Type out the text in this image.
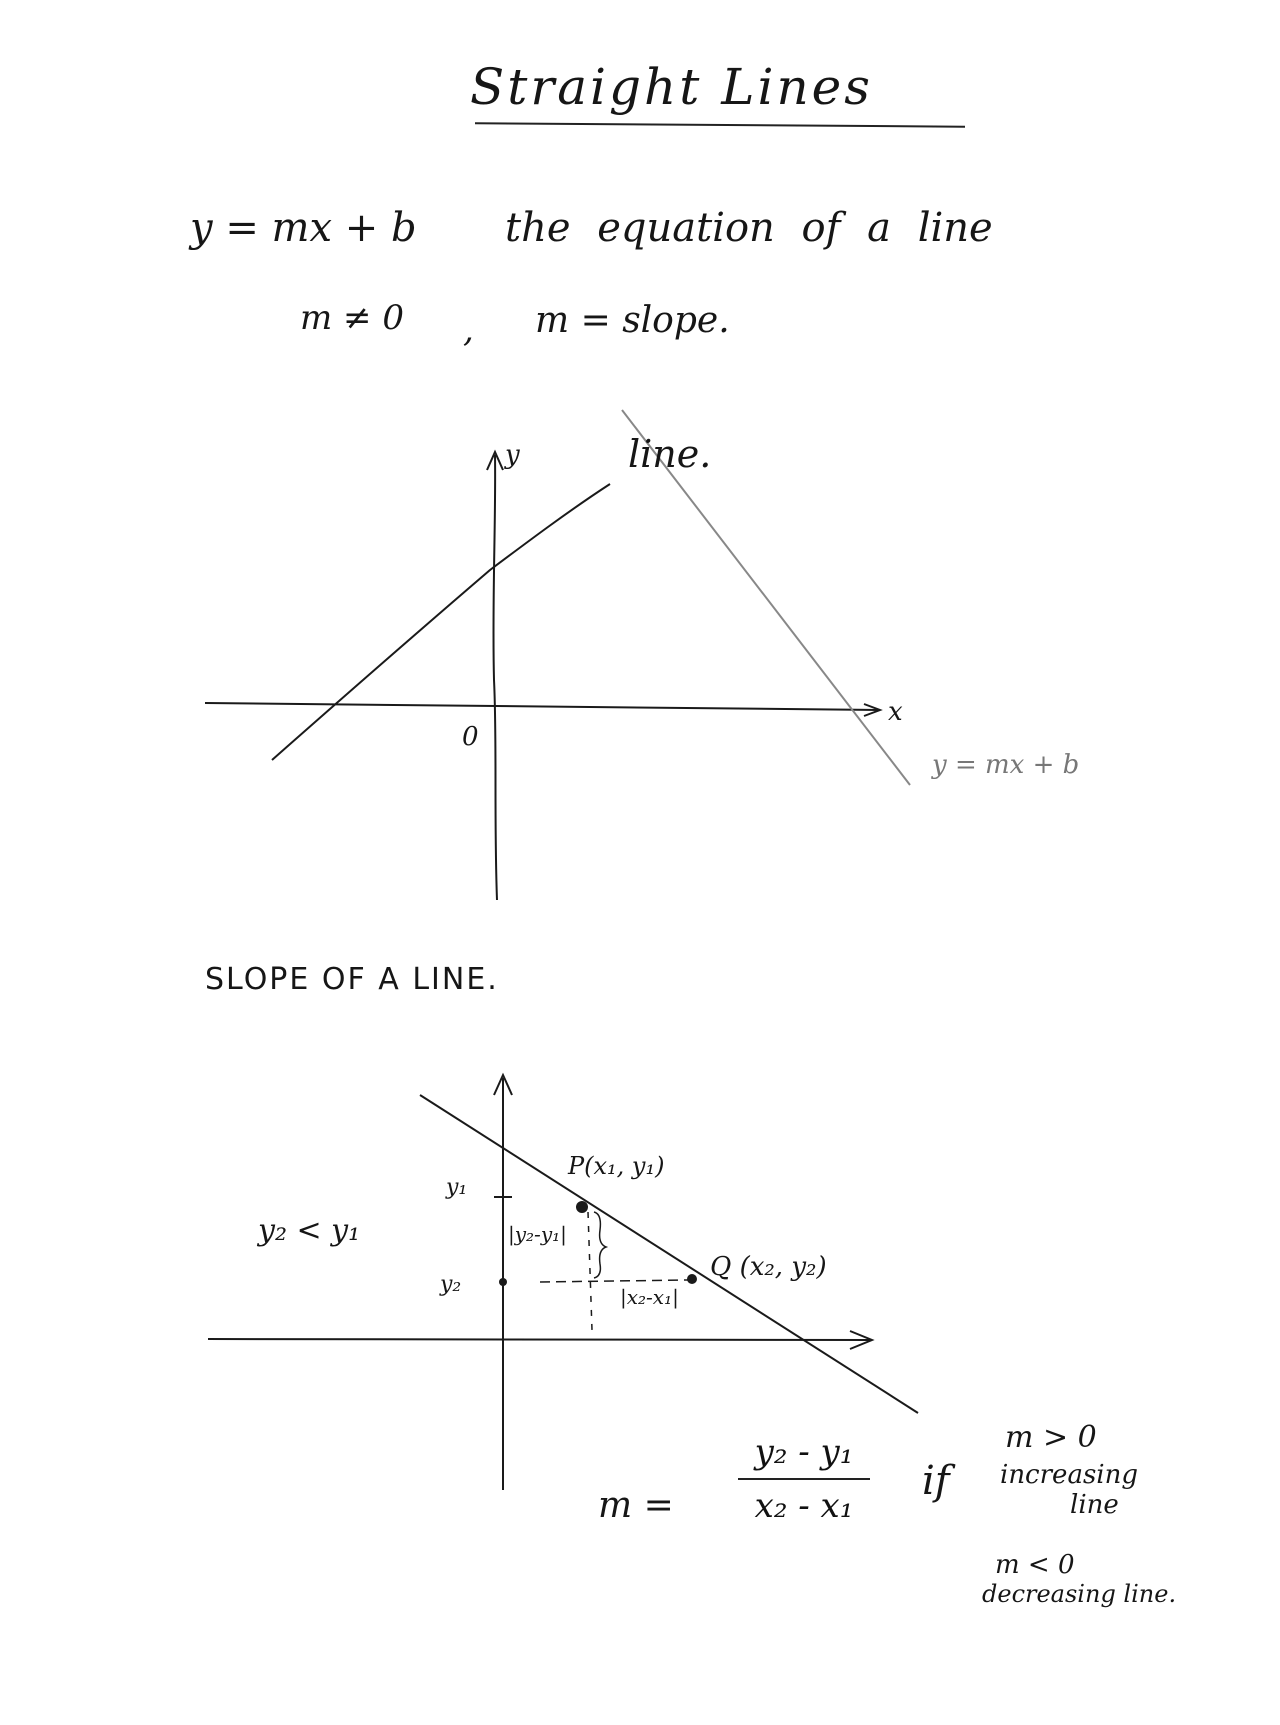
Straight Lines
y = mx + b the equation of a line
m ≠ 0 , m = slope.
line.
y
x
0
y = mx + b
SLOPE OF A LINE.
y₂ < y₁
y₁
y₂
P(x₁, y₁)
Q (x₂, y₂)
|y₂-y₁|
|x₂-x₁|
m =
y₂ - y₁
x₂ - x₁
if
m > 0
increasing
line
m < 0
decreasing line.
